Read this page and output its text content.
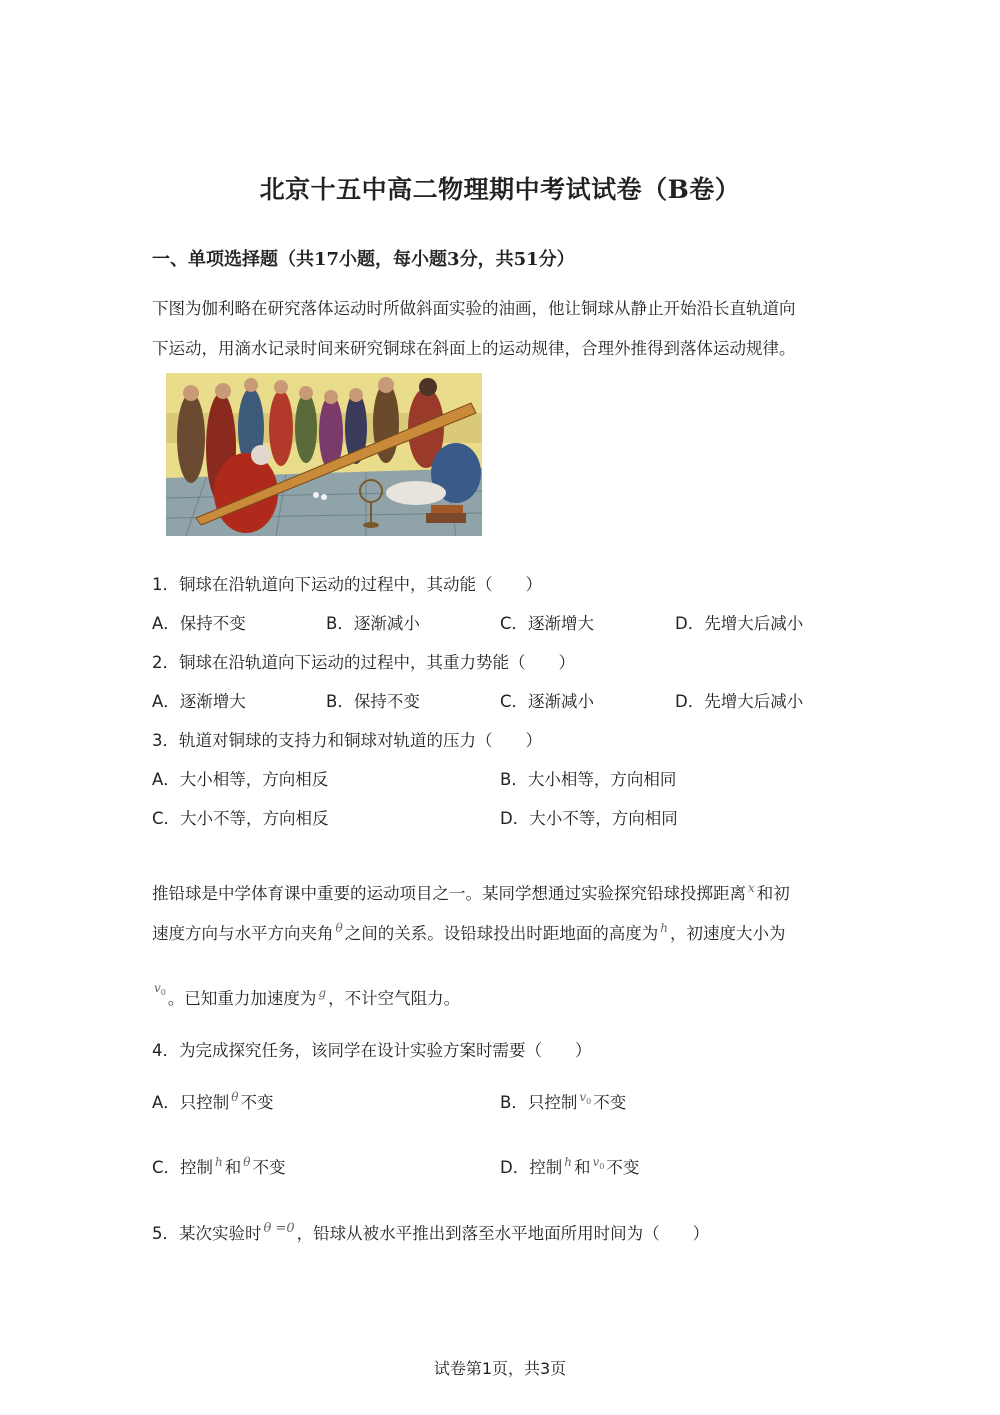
北京十五中高二物理期中考试试卷（B卷）
一、单项选择题（共17小题，每小题3分，共51分）
下图为伽利略在研究落体运动时所做斜面实验的油画，他让铜球从静止开始沿长直轨道向
下运动，用滴水记录时间来研究铜球在斜面上的运动规律，合理外推得到落体运动规律。
1．铜球在沿轨道向下运动的过程中，其动能（　　）
A．保持不变	B．逐渐减小	C．逐渐增大	D．先增大后减小
2．铜球在沿轨道向下运动的过程中，其重力势能（　　）
A．逐渐增大	B．保持不变	C．逐渐减小	D．先增大后减小
3．轨道对铜球的支持力和铜球对轨道的压力（　　）
A．大小相等，方向相反	B．大小相等，方向相同
C．大小不等，方向相反	D．大小不等，方向相同
推铅球是中学体育课中重要的运动项目之一。某同学想通过实验探究铅球投掷距离 $^x$ 和初
速度方向与水平方向夹角 $^\theta$ 之间的关系。设铅球投出时距地面的高度为 $^h$ ，初速度大小为
$^{v_0}$ 。已知重力加速度为 $^g$ ，不计空气阻力。
4．为完成探究任务，该同学在设计实验方案时需要（　　）
A．只控制 $^\theta$ 不变	B．只控制 $^{v_0}$ 不变
C．控制 $^h$ 和 $^\theta$ 不变	D．控制 $^h$ 和 $^{v_0}$ 不变
5．某次实验时 $^{\theta =0}$ ，铅球从被水平推出到落至水平地面所用时间为（　　）
试卷第1页，共3页
